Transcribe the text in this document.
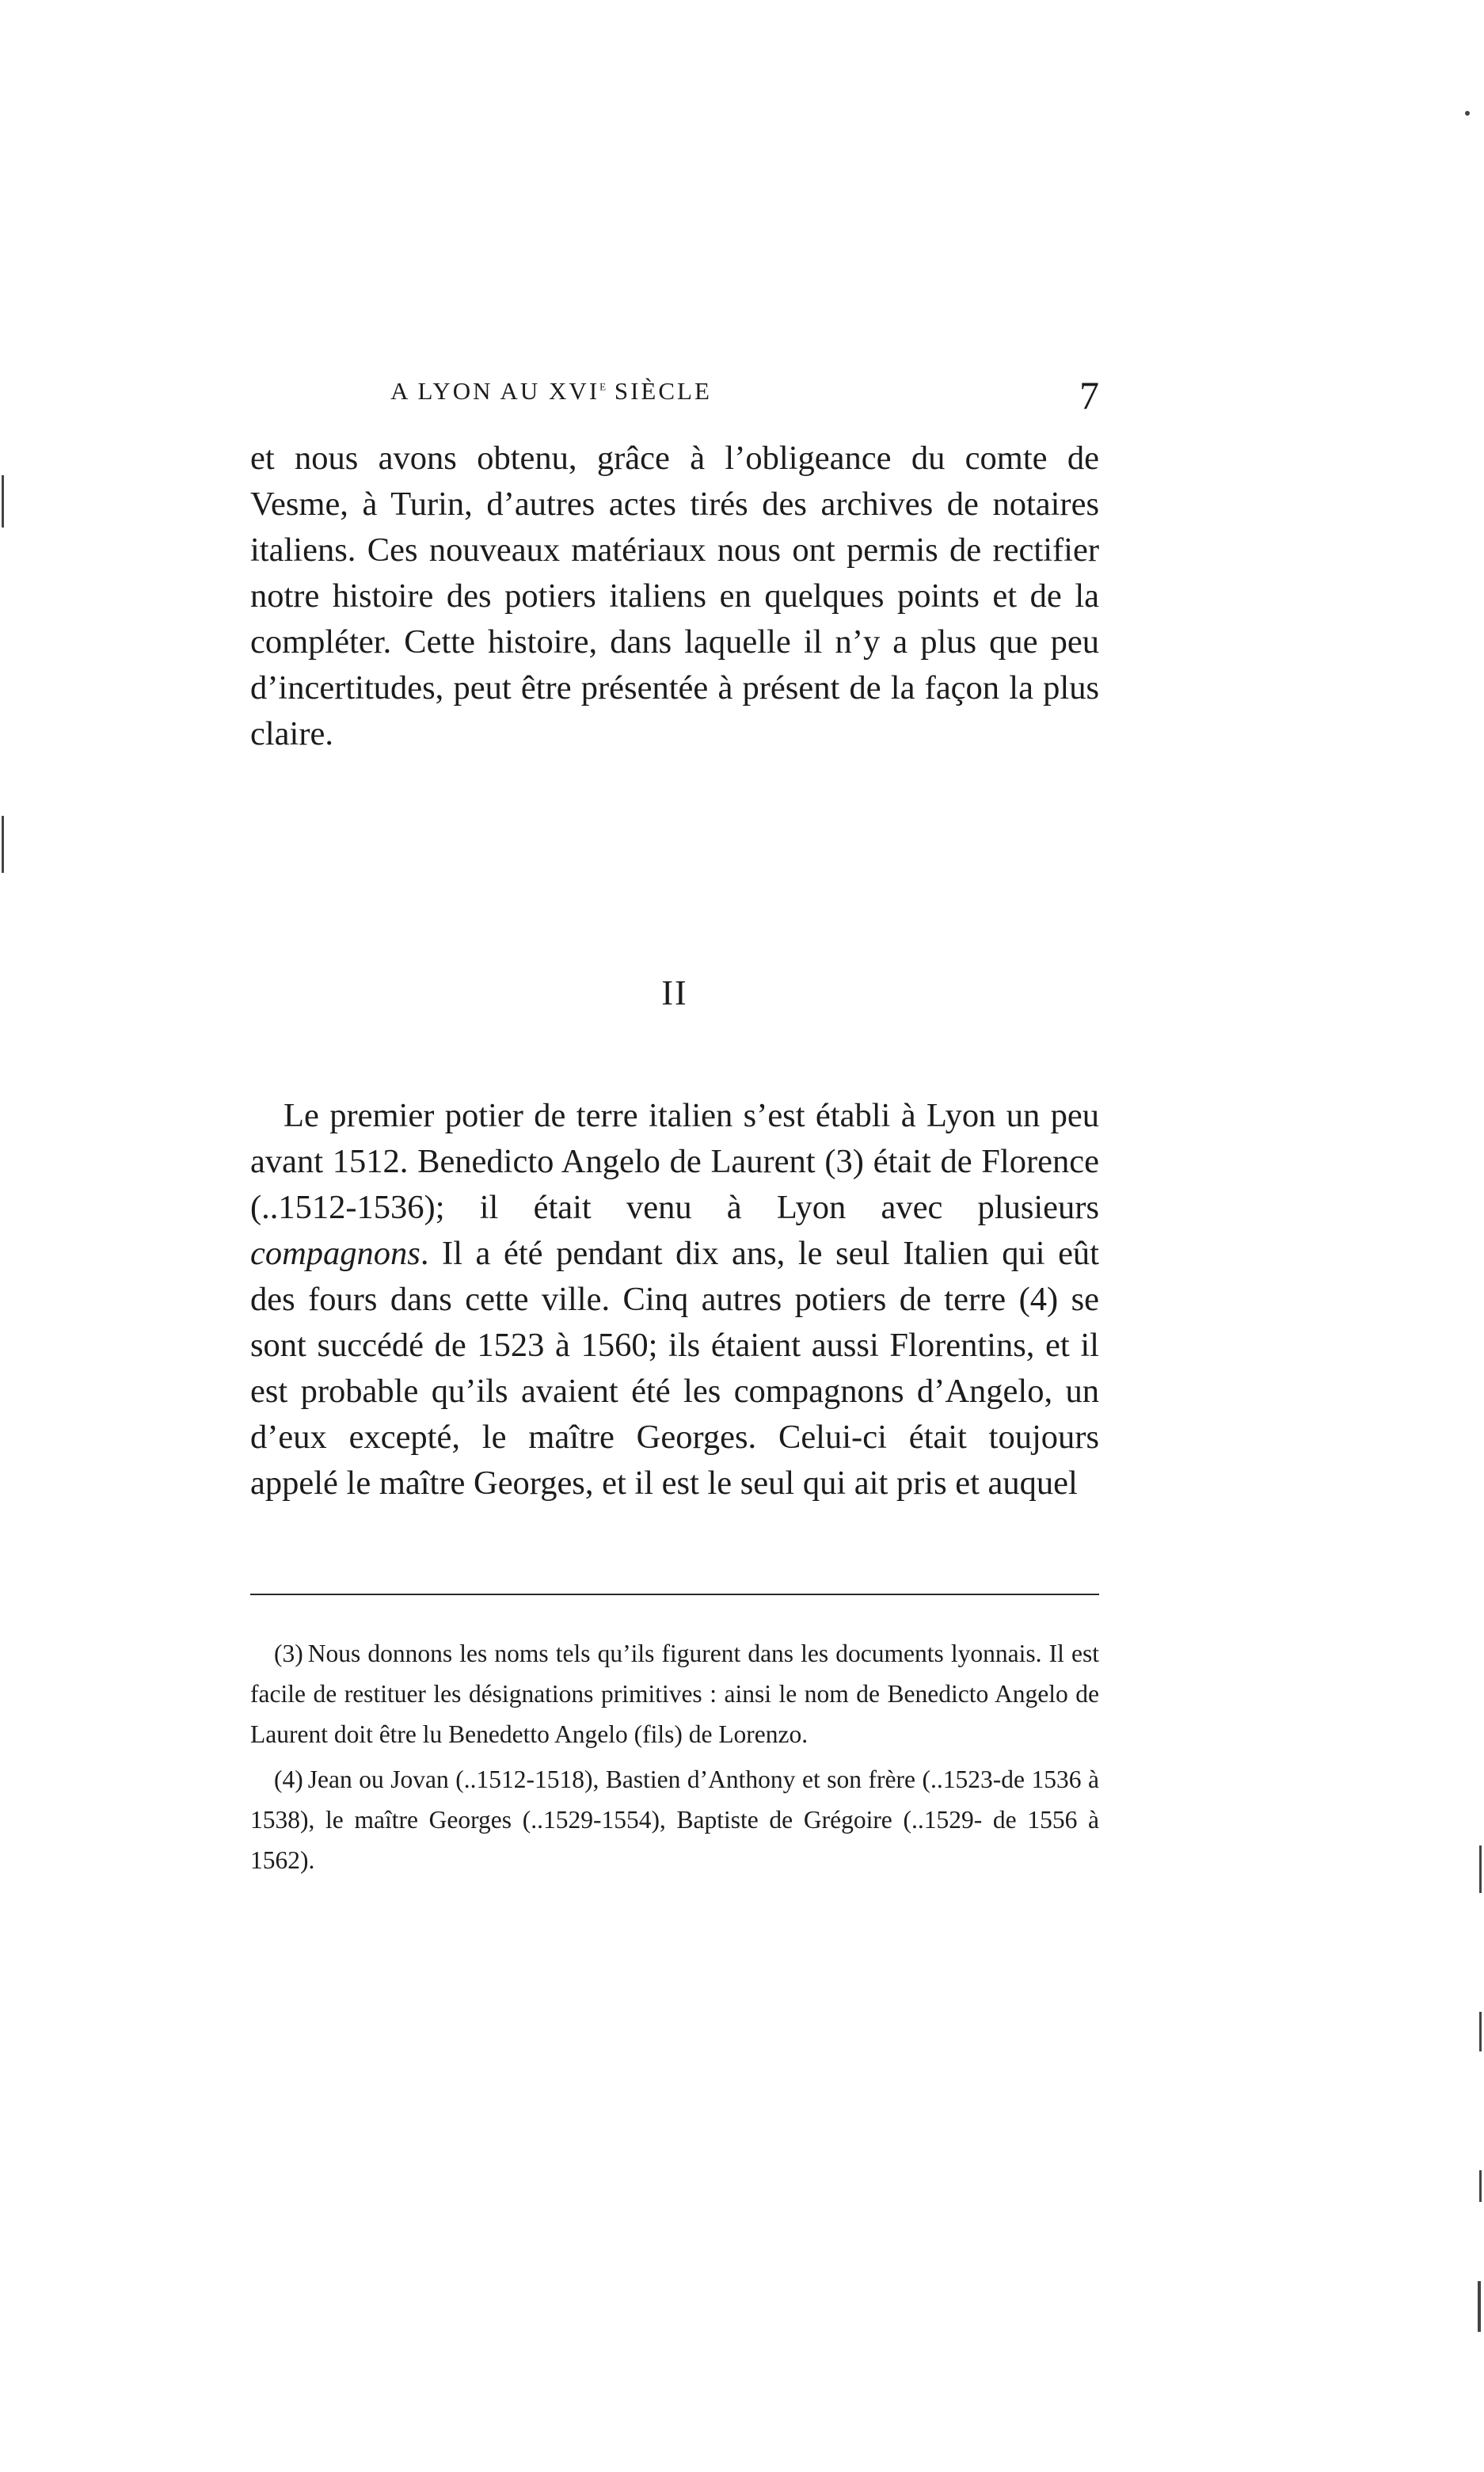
7
A LYON AU XVIe SIÈCLE

et nous avons obtenu, grâce à l’obligeance du comte de Vesme, à Turin, d’autres actes tirés des archives de notaires italiens. Ces nouveaux matériaux nous ont permis de rectifier notre histoire des potiers italiens en quelques points et de la compléter. Cette histoire, dans laquelle il n’y a plus que peu d’incertitudes, peut être présentée à présent de la façon la plus claire.

II

Le premier potier de terre italien s’est établi à Lyon un peu avant 1512. Benedicto Angelo de Laurent (3) était de Florence (..1512-1536); il était venu à Lyon avec plusieurs compagnons. Il a été pendant dix ans, le seul Italien qui eût des fours dans cette ville. Cinq autres potiers de terre (4) se sont succédé de 1523 à 1560; ils étaient aussi Florentins, et il est probable qu’ils avaient été les compagnons d’Angelo, un d’eux excepté, le maître Georges. Celui-ci était toujours appelé le maître Georges, et il est le seul qui ait pris et auquel

(3) Nous donnons les noms tels qu’ils figurent dans les documents lyonnais. Il est facile de restituer les désignations primitives : ainsi le nom de Benedicto Angelo de Laurent doit être lu Benedetto Angelo (fils) de Lorenzo.

(4) Jean ou Jovan (..1512-1518), Bastien d’Anthony et son frère (..1523-de 1536 à 1538), le maître Georges (..1529-1554), Baptiste de Grégoire (..1529- de 1556 à 1562).
